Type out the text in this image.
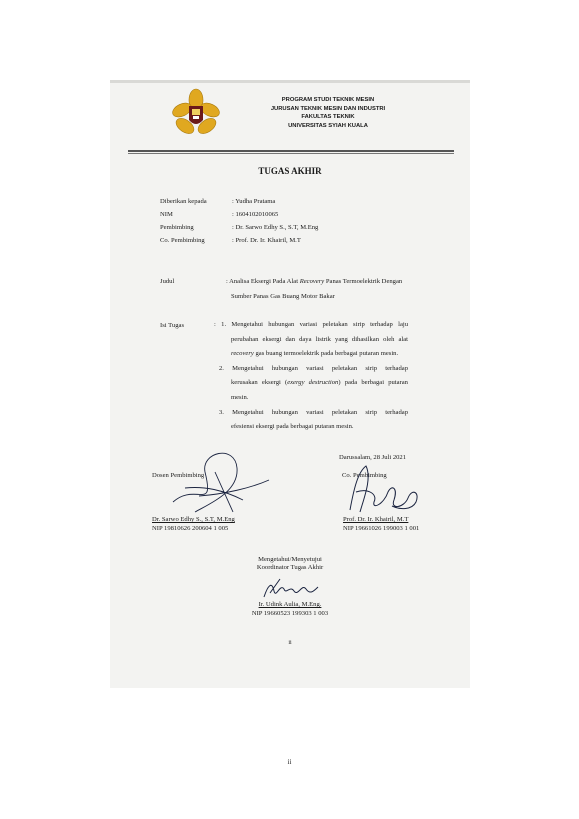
PROGRAM STUDI TEKNIK MESIN
JURUSAN TEKNIK MESIN DAN INDUSTRI
FAKULTAS TEKNIK
UNIVERSITAS SYIAH KUALA
TUGAS AKHIR
Diberikan kepada	: Yudha Pratama
NIM	: 1604102010065
Pembimbing	: Dr. Sarwo Edhy S., S.T, M.Eng
Co. Pembimbing	: Prof. Dr. Ir. Khairil, M.T
Judul	: Analisa Eksergi Pada Alat Recovery Panas Termoelektrik Dengan
Sumber Panas Gas Buang Motor Bakar
Isi Tugas	: 1. Mengetahui hubungan variasi peletakan sirip terhadap laju
perubahan eksergi dan daya listrik yang dihasilkan oleh alat
recovery gas buang termoelektrik pada berbagai putaran mesin.
2. Mengetahui hubungan variasi peletakan sirip terhadap
kerusakan eksergi (exergy destruction) pada berbagai putaran
mesin.
3. Mengetahui hubungan variasi peletakan sirip terhadap
efesiensi eksergi pada berbagai putaran mesin.
Darussalam, 28 Juli 2021
Dosen Pembimbing
Dr. Sarwo Edhy S., S.T, M.Eng
NIP 19810626 200604 1 005
Co. Pembimbing
Prof. Dr. Ir. Khairil, M.T
NIP 19661026 199003 1 001
Mengetahui/Menyetujui
Koordinator Tugas Akhir
Ir. Udink Aulia, M.Eng.
NIP 19660523 199303 1 003
ii
ii
